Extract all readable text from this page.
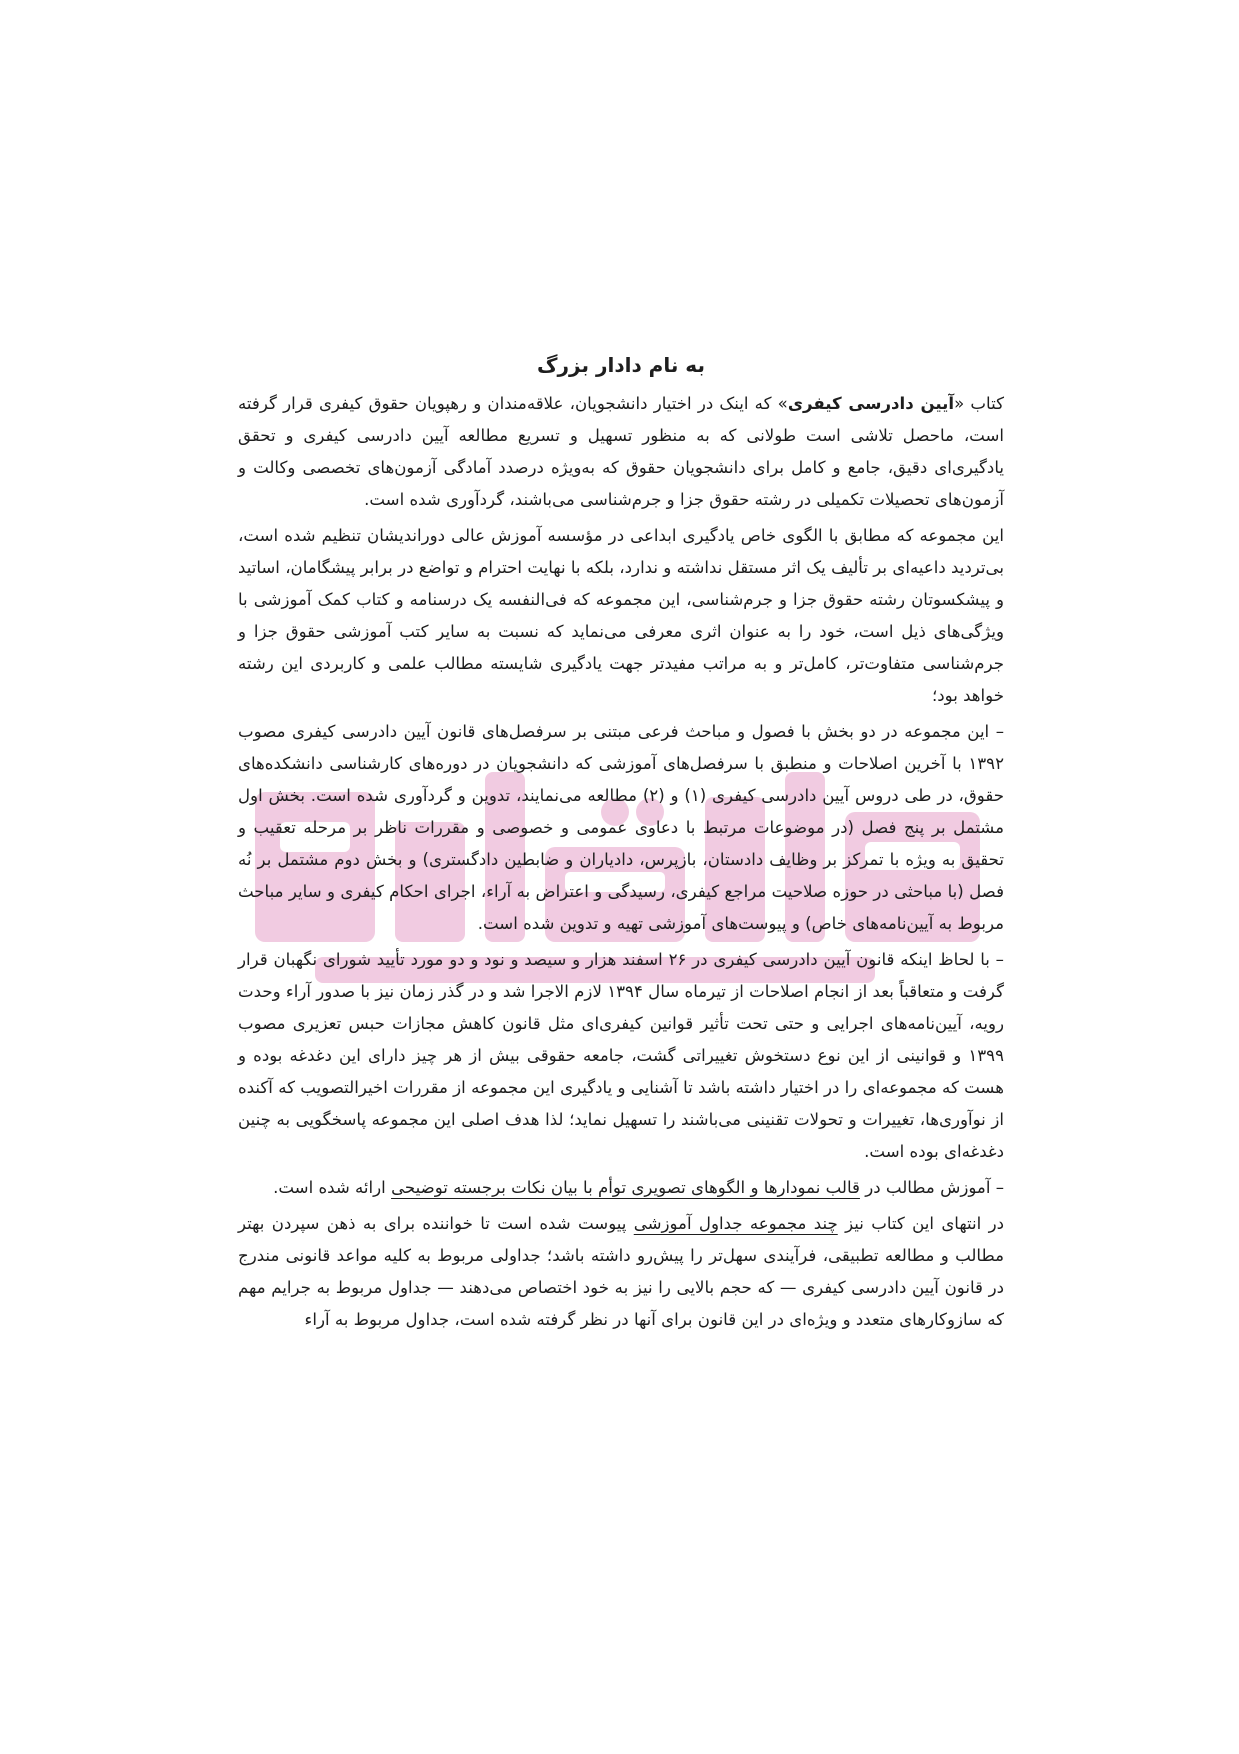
به نام دادار بزرگ

کتاب «آیین دادرسی کیفری» که اینک در اختیار دانشجویان، علاقه‌مندان و رهپویان حقوق کیفری قرار گرفته است، ماحصل تلاشی است طولانی که به منظور تسهیل و تسریع مطالعه آیین دادرسی کیفری و تحقق یادگیری‌ای دقیق، جامع و کامل برای دانشجویان حقوق که به‌ویژه درصدد آمادگی آزمون‌های تخصصی وکالت و آزمون‌های تحصیلات تکمیلی در رشته حقوق جزا و جرم‌شناسی می‌باشند، گردآوری شده است.

این مجموعه که مطابق با الگوی خاص یادگیری ابداعی در مؤسسه آموزش عالی دوراندیشان تنظیم شده است، بی‌تردید داعیه‌ای بر تألیف یک اثر مستقل نداشته و ندارد، بلکه با نهایت احترام و تواضع در برابر پیشگامان، اساتید و پیشکسوتان رشته حقوق جزا و جرم‌شناسی، این مجموعه که فی‌النفسه یک درسنامه و کتاب کمک آموزشی با ویژگی‌های ذیل است، خود را به عنوان اثری معرفی می‌نماید که نسبت به سایر کتب آموزشی حقوق جزا و جرم‌شناسی متفاوت‌تر، کامل‌تر و به مراتب مفیدتر جهت یادگیری شایسته مطالب علمی و کاربردی این رشته خواهد بود؛

– این مجموعه در دو بخش با فصول و مباحث فرعی مبتنی بر سرفصل‌های قانون آیین دادرسی کیفری مصوب ۱۳۹۲ با آخرین اصلاحات و منطبق با سرفصل‌های آموزشی که دانشجویان در دوره‌های کارشناسی دانشکده‌های حقوق، در طی دروس آیین دادرسی کیفری (۱) و (۲) مطالعه می‌نمایند، تدوین و گردآوری شده است. بخش اول مشتمل بر پنج فصل (در موضوعات مرتبط با دعاوی عمومی و خصوصی و مقررات ناظر بر مرحله تعقیب و تحقیق به ویژه با تمرکز بر وظایف دادستان، بازپرس، دادیاران و ضابطین دادگستری) و بخش دوم مشتمل بر نُه فصل (با مباحثی در حوزه صلاحیت مراجع کیفری، رسیدگی و اعتراض به آراء، اجرای احکام کیفری و سایر مباحث مربوط به آیین‌نامه‌های خاص) و پیوست‌های آموزشی تهیه و تدوین شده است.

– با لحاظ اینکه قانون آیین دادرسی کیفری در ۲۶ اسفند هزار و سیصد و نود و دو مورد تأیید شورای نگهبان قرار گرفت و متعاقباً بعد از انجام اصلاحات از تیرماه سال ۱۳۹۴ لازم الاجرا شد و در گذر زمان نیز با صدور آراء وحدت رویه، آیین‌نامه‌های اجرایی و حتی تحت تأثیر قوانین کیفری‌ای مثل قانون کاهش مجازات حبس تعزیری مصوب ۱۳۹۹ و قوانینی از این نوع دستخوش تغییراتی گشت، جامعه حقوقی بیش از هر چیز دارای این دغدغه بوده و هست که مجموعه‌ای را در اختیار داشته باشد تا آشنایی و یادگیری این مجموعه از مقررات اخیرالتصویب که آکنده از نوآوری‌ها، تغییرات و تحولات تقنینی می‌باشند را تسهیل نماید؛ لذا هدف اصلی این مجموعه پاسخگویی به چنین دغدغه‌ای بوده است.

– آموزش مطالب در قالب نمودارها و الگوهای تصویری توأم با بیان نکات برجسته توضیحی ارائه شده است.

در انتهای این کتاب نیز چند مجموعه جداول آموزشی پیوست شده است تا خواننده برای به ذهن سپردن بهتر مطالب و مطالعه تطبیقی، فرآیندی سهل‌تر را پیش‌رو داشته باشد؛ جداولی مربوط به کلیه مواعد قانونی مندرج در قانون آیین دادرسی کیفری — که حجم بالایی را نیز به خود اختصاص می‌دهند — جداول مربوط به جرایم مهم که سازوکارهای متعدد و ویژه‌ای در این قانون برای آنها در نظر گرفته شده است، جداول مربوط به آراء
